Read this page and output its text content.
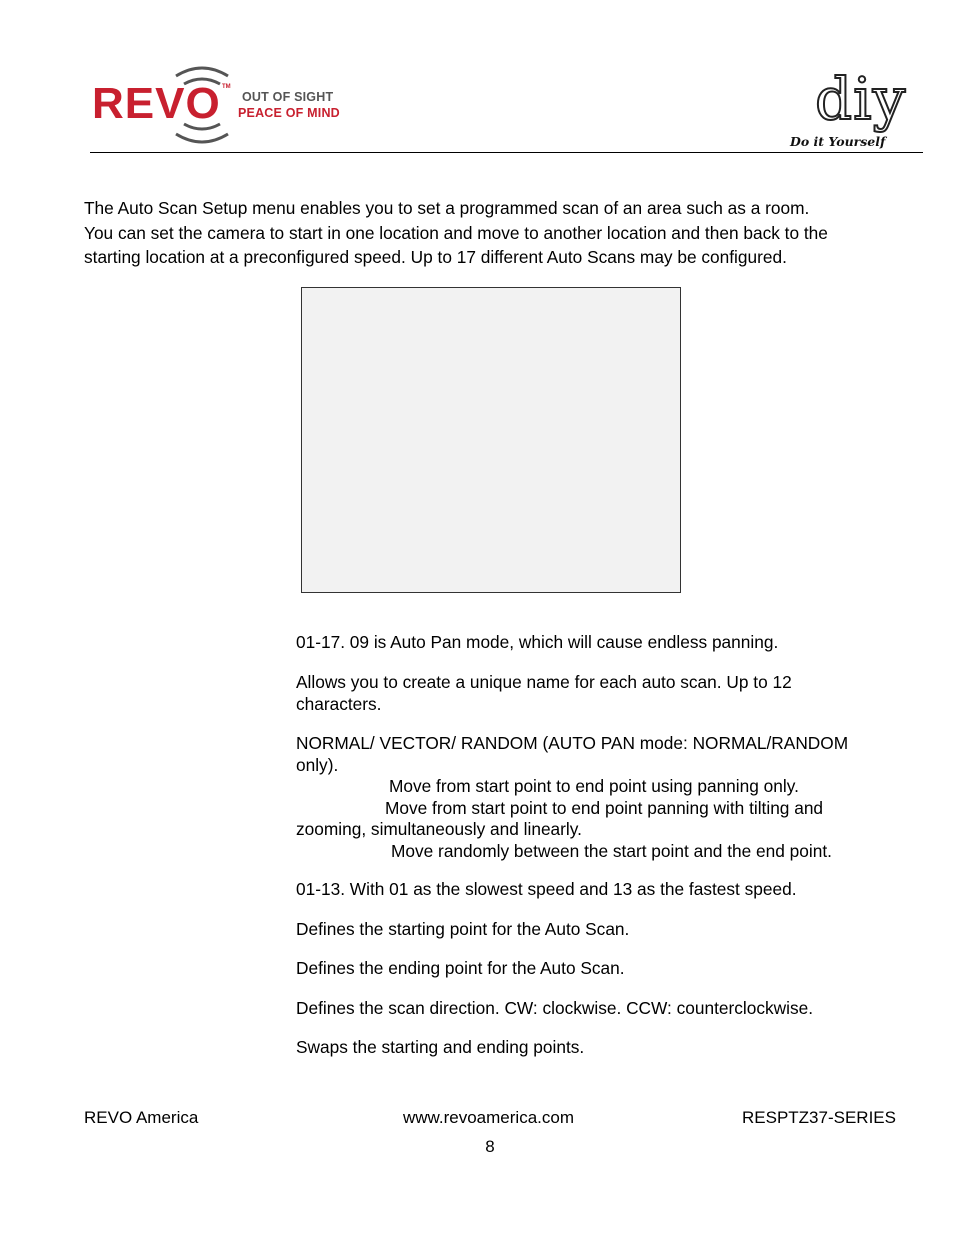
REVO TM
OUT OF SIGHT
PEACE OF MIND	diy
Do it Yourself
The Auto Scan Setup menu enables you to set a programmed scan of an area such as a room.
You can set the camera to start in one location and move to another location and then back to the
starting location at a preconfigured speed. Up to 17 different Auto Scans may be configured.
01-17. 09 is Auto Pan mode, which will cause endless panning.
Allows you to create a unique name for each auto scan. Up to 12
characters.
NORMAL/ VECTOR/ RANDOM (AUTO PAN mode: NORMAL/RANDOM
only).
Move from start point to end point using panning only.
Move from start point to end point panning with tilting and
zooming, simultaneously and linearly.
Move randomly between the start point and the end point.
01-13. With 01 as the slowest speed and 13 as the fastest speed.
Defines the starting point for the Auto Scan.
Defines the ending point for the Auto Scan.
Defines the scan direction. CW: clockwise. CCW: counterclockwise.
Swaps the starting and ending points.
REVO America	www.revoamerica.com	RESPTZ37-SERIES
8
